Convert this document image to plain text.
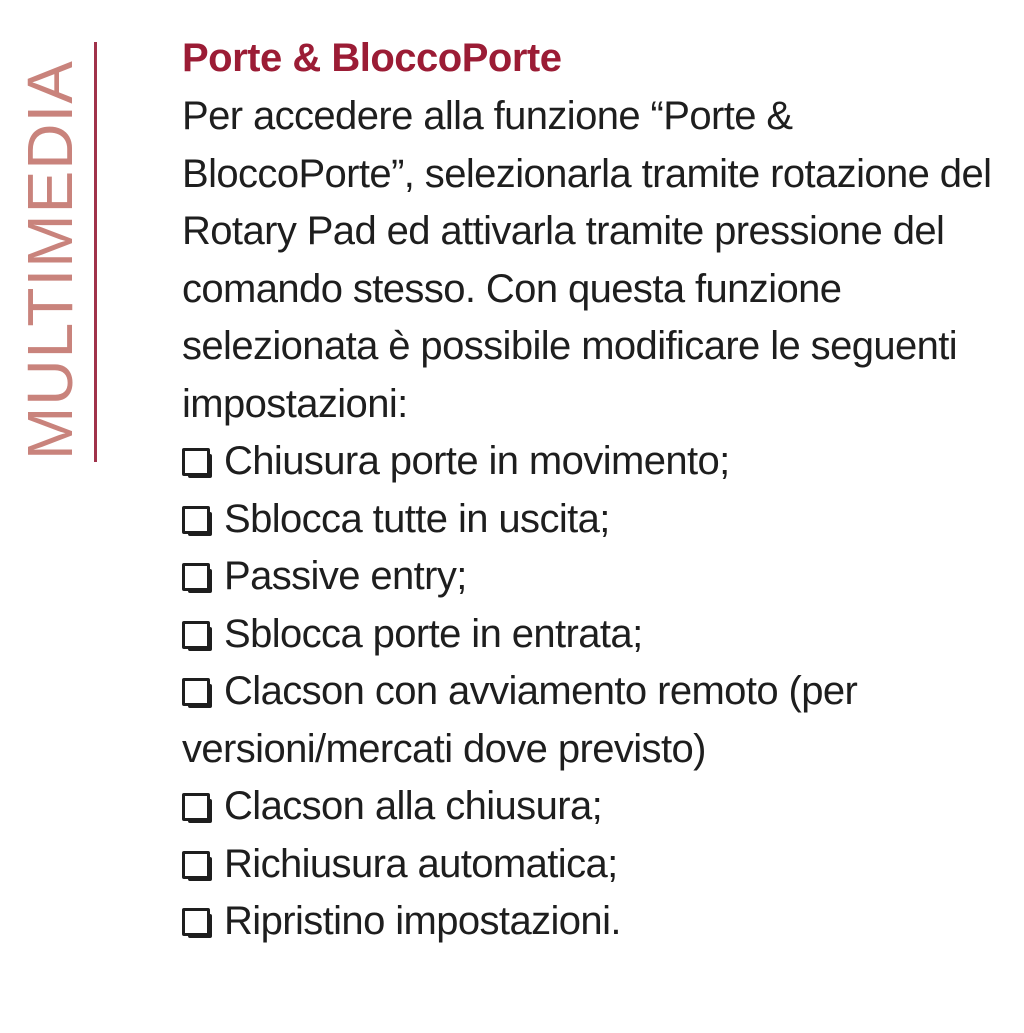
MULTIMEDIA
Porte & BloccoPorte

Per accedere alla funzione “Porte & BloccoPorte”, selezionarla tramite rotazione del Rotary Pad ed attivarla tramite pressione del comando stesso. Con questa funzione selezionata è possibile modificare le seguenti impostazioni:

Chiusura porte in movimento;
Sblocca tutte in uscita;
Passive entry;
Sblocca porte in entrata;
Clacson con avviamento remoto (per versioni/mercati dove previsto)
Clacson alla chiusura;
Richiusura automatica;
Ripristino impostazioni.
